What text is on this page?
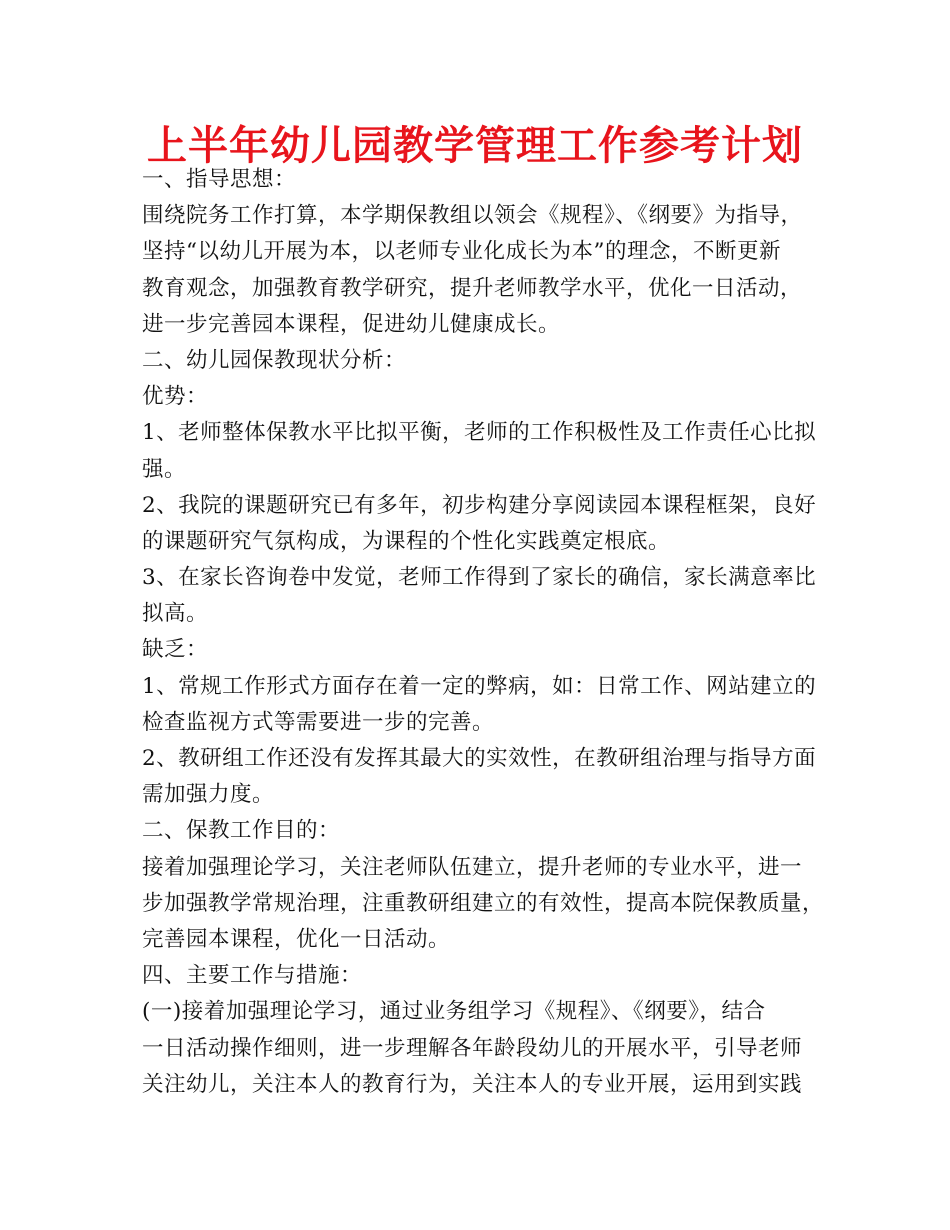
上半年幼儿园教学管理工作参考计划
一、指导思想：
围绕院务工作打算，本学期保教组以领会《规程》、《纲要》为指导，
坚持“以幼儿开展为本，以老师专业化成长为本”的理念，不断更新
教育观念，加强教育教学研究，提升老师教学水平，优化一日活动，
进一步完善园本课程，促进幼儿健康成长。
二、幼儿园保教现状分析：
优势：
1、老师整体保教水平比拟平衡，老师的工作积极性及工作责任心比拟
强。
2、我院的课题研究已有多年，初步构建分享阅读园本课程框架，良好
的课题研究气氛构成，为课程的个性化实践奠定根底。
3、在家长咨询卷中发觉，老师工作得到了家长的确信，家长满意率比
拟高。
缺乏：
1、常规工作形式方面存在着一定的弊病，如：日常工作、网站建立的
检查监视方式等需要进一步的完善。
2、教研组工作还没有发挥其最大的实效性，在教研组治理与指导方面
需加强力度。
二、保教工作目的：
接着加强理论学习，关注老师队伍建立，提升老师的专业水平，进一
步加强教学常规治理，注重教研组建立的有效性，提高本院保教质量，
完善园本课程，优化一日活动。
四、主要工作与措施：
(一)接着加强理论学习，通过业务组学习《规程》、《纲要》，结合
一日活动操作细则，进一步理解各年龄段幼儿的开展水平，引导老师
关注幼儿，关注本人的教育行为，关注本人的专业开展，运用到实践
